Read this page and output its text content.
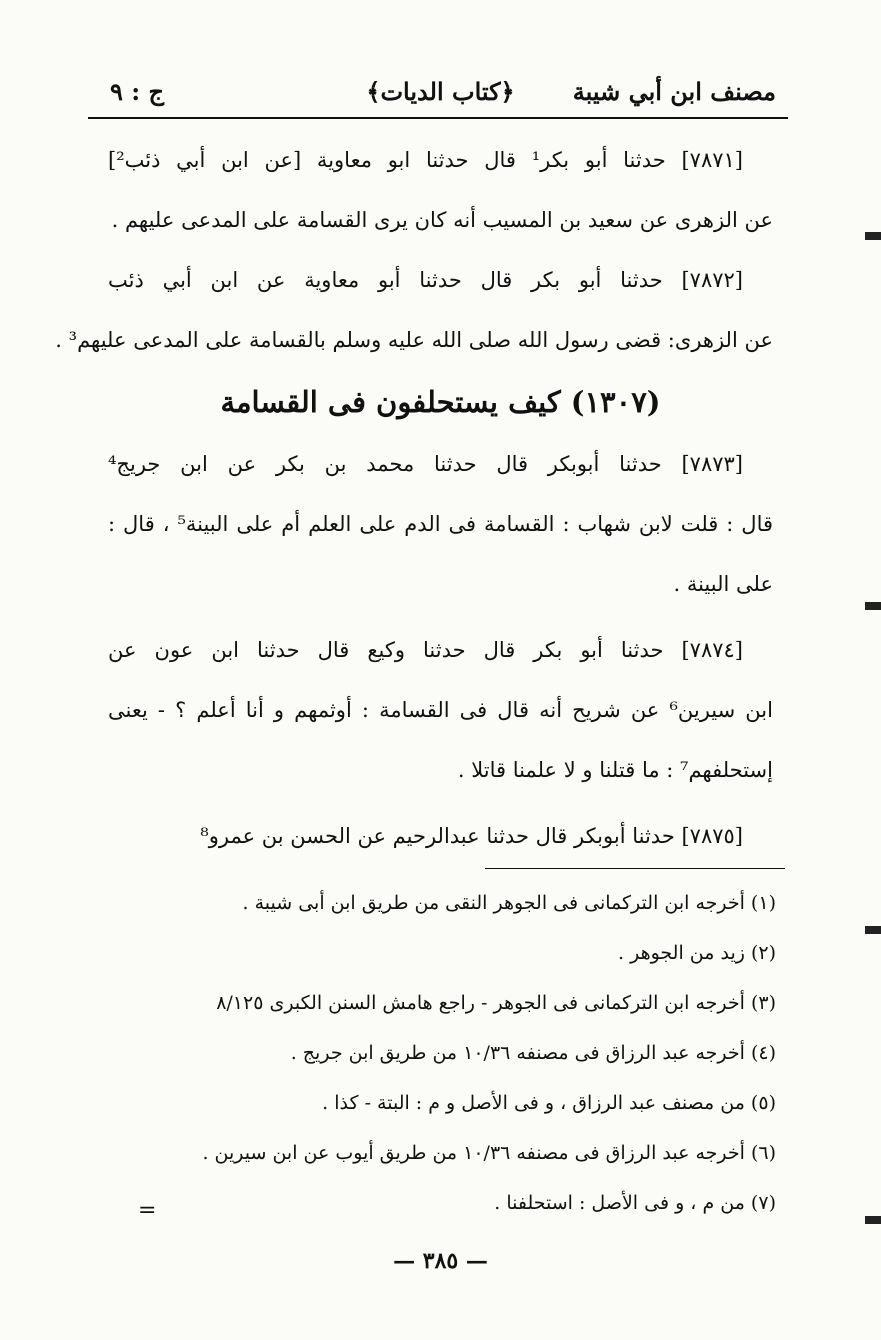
مصنف ابن أبي شيبة
﴿كتاب الديات﴾
ج : ٩
[٧٨٧١] حدثنا أبو بكر¹ قال حدثنا ابو معاوية [عن ابن أبي ذئب²]
عن الزهرى عن سعيد بن المسيب أنه كان يرى القسامة على المدعى عليهم .
[٧٨٧٢] حدثنا أبو بكر قال حدثنا أبو معاوية عن ابن أبي ذئب
عن الزهرى: قضى رسول الله صلى الله عليه وسلم بالقسامة على المدعى عليهم³ .
(١٣٠٧) كيف يستحلفون فى القسامة
[٧٨٧٣] حدثنا أبوبكر قال حدثنا محمد بن بكر عن ابن جريج⁴
قال : قلت لابن شهاب : القسامة فى الدم على العلم أم على البينة⁵ ، قال :
على البينة .
[٧٨٧٤] حدثنا أبو بكر قال حدثنا وكيع قال حدثنا ابن عون عن
ابن سيرين⁶ عن شريح أنه قال فى القسامة : أوثمهم و أنا أعلم ؟ - يعنى
إستحلفهم⁷ : ما قتلنا و لا علمنا قاتلا .
[٧٨٧٥] حدثنا أبوبكر قال حدثنا عبدالرحيم عن الحسن بن عمرو⁸
(١) أخرجه ابن التركمانى فى الجوهر النقى من طريق ابن أبى شيبة .
(٢) زيد من الجوهر .
(٣) أخرجه ابن التركمانى فى الجوهر - راجع هامش السنن الكبرى ٨/١٢٥
(٤) أخرجه عبد الرزاق فى مصنفه ١٠/٣٦ من طريق ابن جريج .
(٥) من مصنف عبد الرزاق ، و فى الأصل و م : البتة - كذا .
(٦) أخرجه عبد الرزاق فى مصنفه ١٠/٣٦ من طريق أيوب عن ابن سيرين .
(٧) من م ، و فى الأصل : استحلفنا .
=
— ٣٨٥ —
